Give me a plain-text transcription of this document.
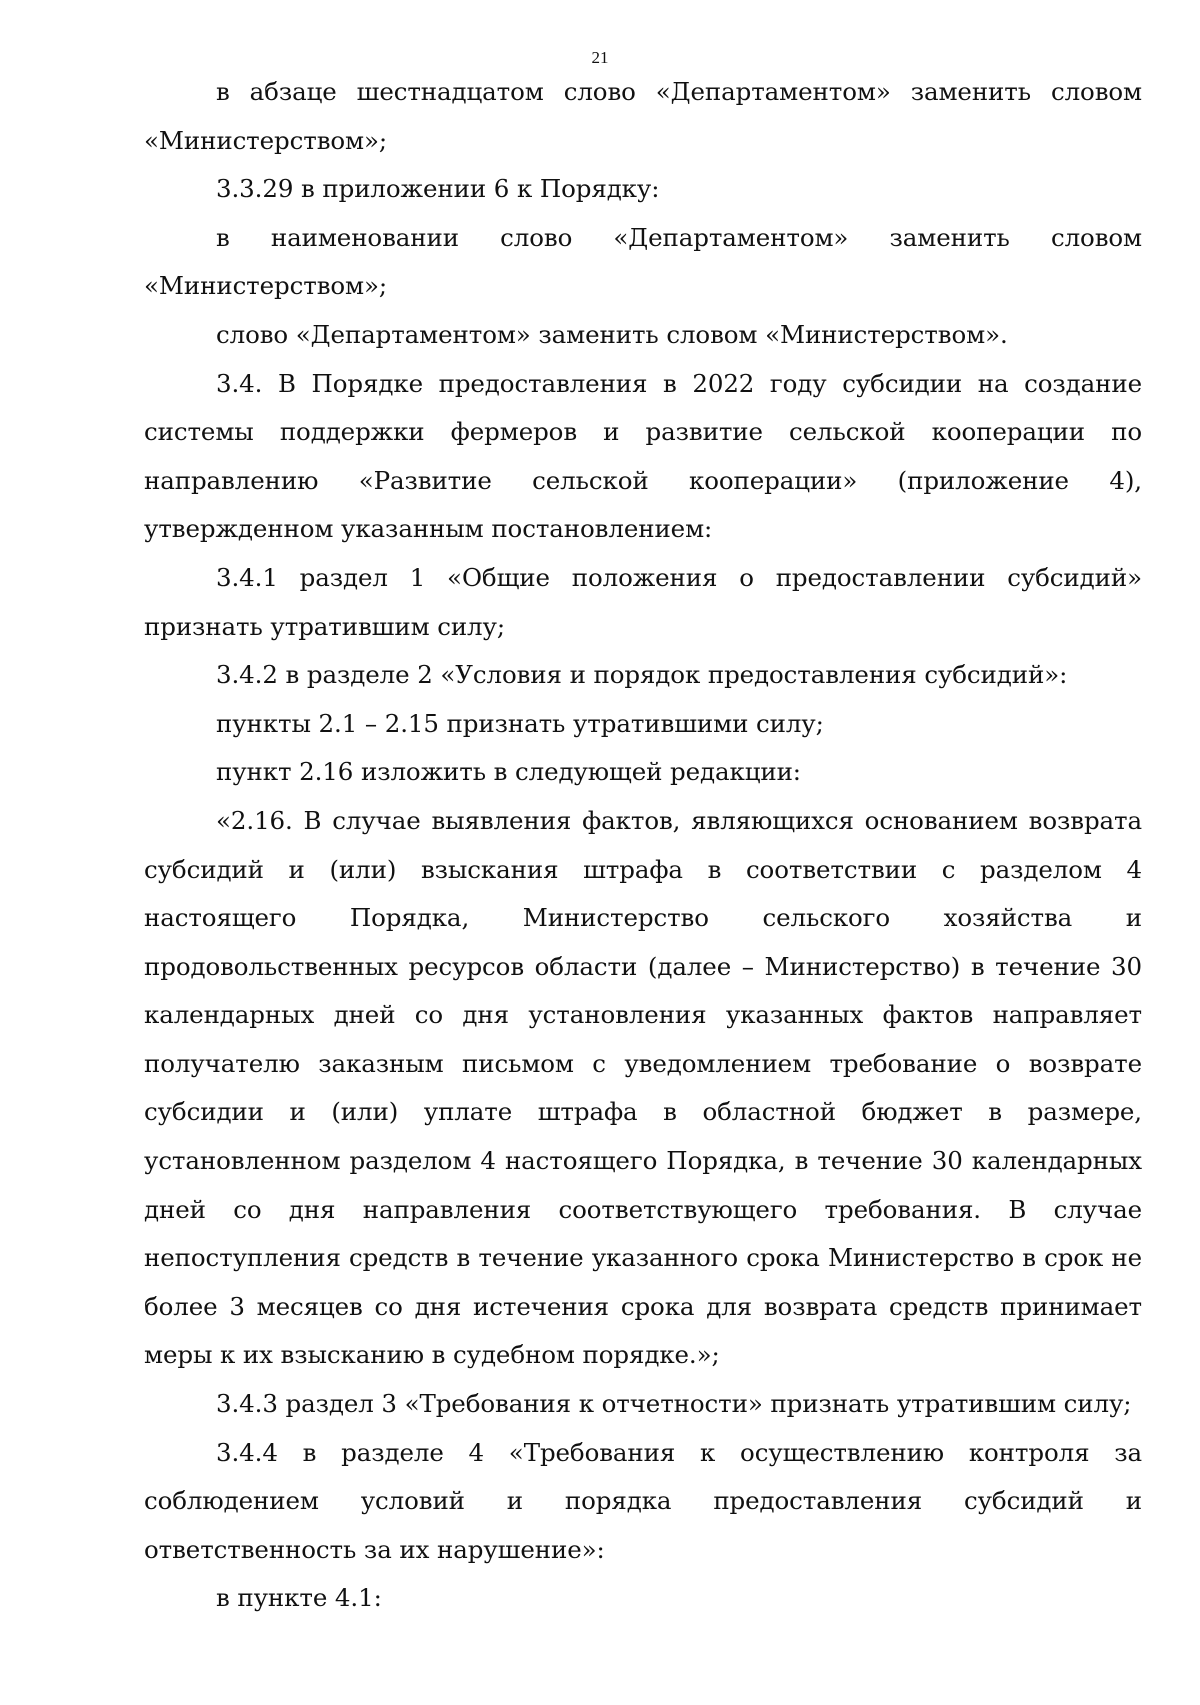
21

в абзаце шестнадцатом слово «Департаментом» заменить словом «Министерством»;

3.3.29 в приложении 6 к Порядку:

в наименовании слово «Департаментом» заменить словом «Министерством»;

слово «Департаментом» заменить словом «Министерством».

3.4. В Порядке предоставления в 2022 году субсидии на создание системы поддержки фермеров и развитие сельской кооперации по направлению «Развитие сельской кооперации» (приложение 4), утвержденном указанным постановлением:

3.4.1 раздел 1 «Общие положения о предоставлении субсидий» признать утратившим силу;

3.4.2 в разделе 2 «Условия и порядок предоставления субсидий»:

пункты 2.1 – 2.15 признать утратившими силу;

пункт 2.16 изложить в следующей редакции:

«2.16. В случае выявления фактов, являющихся основанием возврата субсидий и (или) взыскания штрафа в соответствии с разделом 4 настоящего Порядка, Министерство сельского хозяйства и продовольственных ресурсов области (далее – Министерство) в течение 30 календарных дней со дня установления указанных фактов направляет получателю заказным письмом с уведомлением требование о возврате субсидии и (или) уплате штрафа в областной бюджет в размере, установленном разделом 4 настоящего Порядка, в течение 30 календарных дней со дня направления соответствующего требования. В случае непоступления средств в течение указанного срока Министерство в срок не более 3 месяцев со дня истечения срока для возврата средств принимает меры к их взысканию в судебном порядке.»;

3.4.3 раздел 3 «Требования к отчетности» признать утратившим силу;

3.4.4 в разделе 4 «Требования к осуществлению контроля за соблюдением условий и порядка предоставления субсидий и ответственность за их нарушение»:

в пункте 4.1:
